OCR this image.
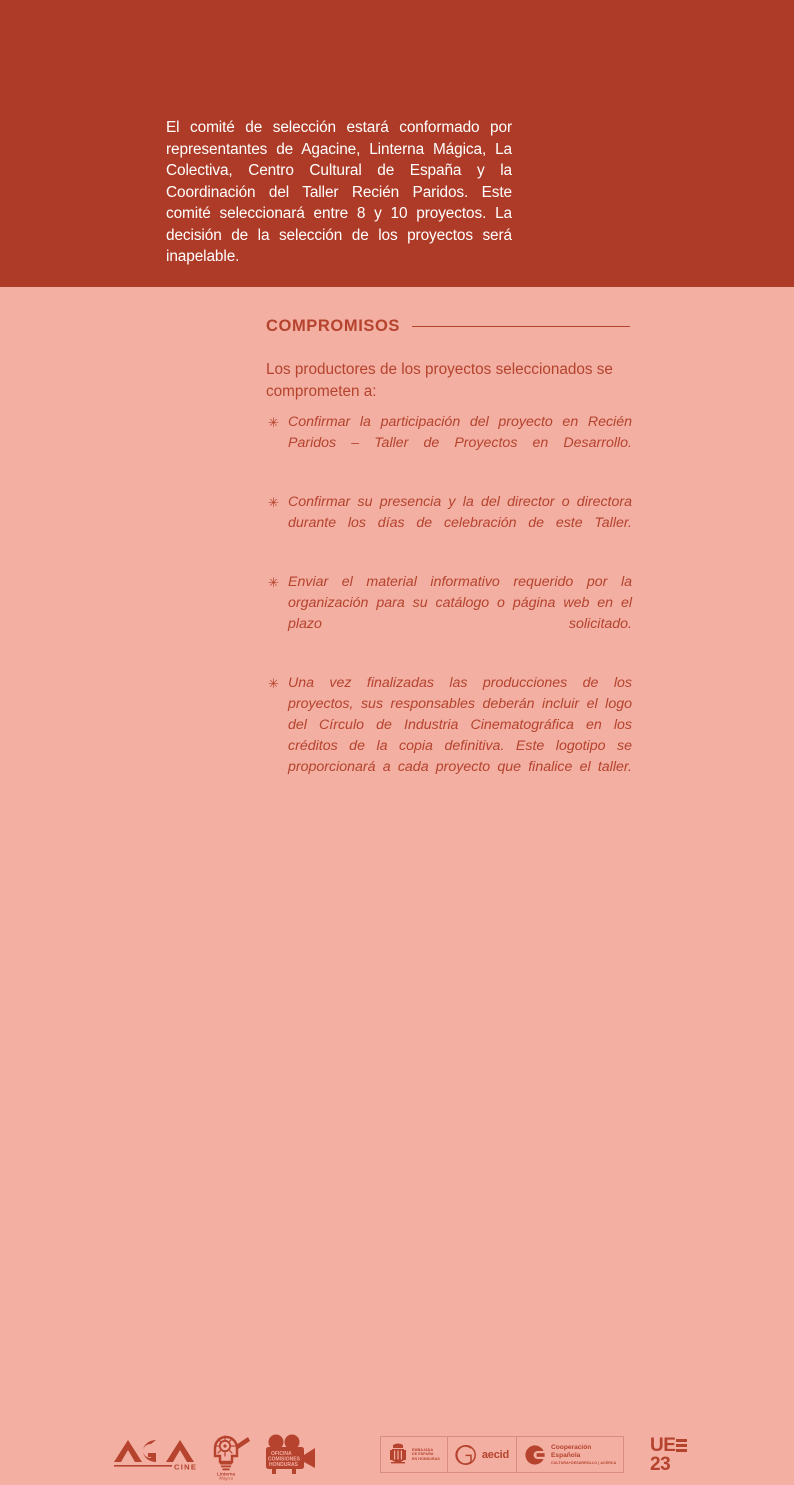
El comité de selección estará conformado por representantes de Agacine, Linterna Mágica, La Colectiva, Centro Cultural de España y la Coordinación del Taller Recién Paridos. Este comité seleccionará entre 8 y 10 proyectos. La decisión de la selección de los proyectos será inapelable.

COMPROMISOS

Los productores de los proyectos seleccionados se comprometen a:

✳ Confirmar la participación del proyecto en Recién Paridos – Taller de Proyectos en Desarrollo.
✳ Confirmar su presencia y la del director o directora durante los días de celebración de este Taller.
✳ Enviar el material informativo requerido por la organización para su catálogo o página web en el plazo solicitado.
✳ Una vez finalizadas las producciones de los proyectos, sus responsables deberán incluir el logo del Círculo de Industria Cinematográfica en los créditos de la copia definitiva. Este logotipo se proporcionará a cada proyecto que finalice el taller.
CINE
Linterna
Mágica
OFICINA
COMISIONES
HONDURAS
EMBAJADA
DE ESPAÑA
EN HONDURAS	aecid
Cooperación
Española
CULTURA+DESARROLLO | ACERCA
UE
23
